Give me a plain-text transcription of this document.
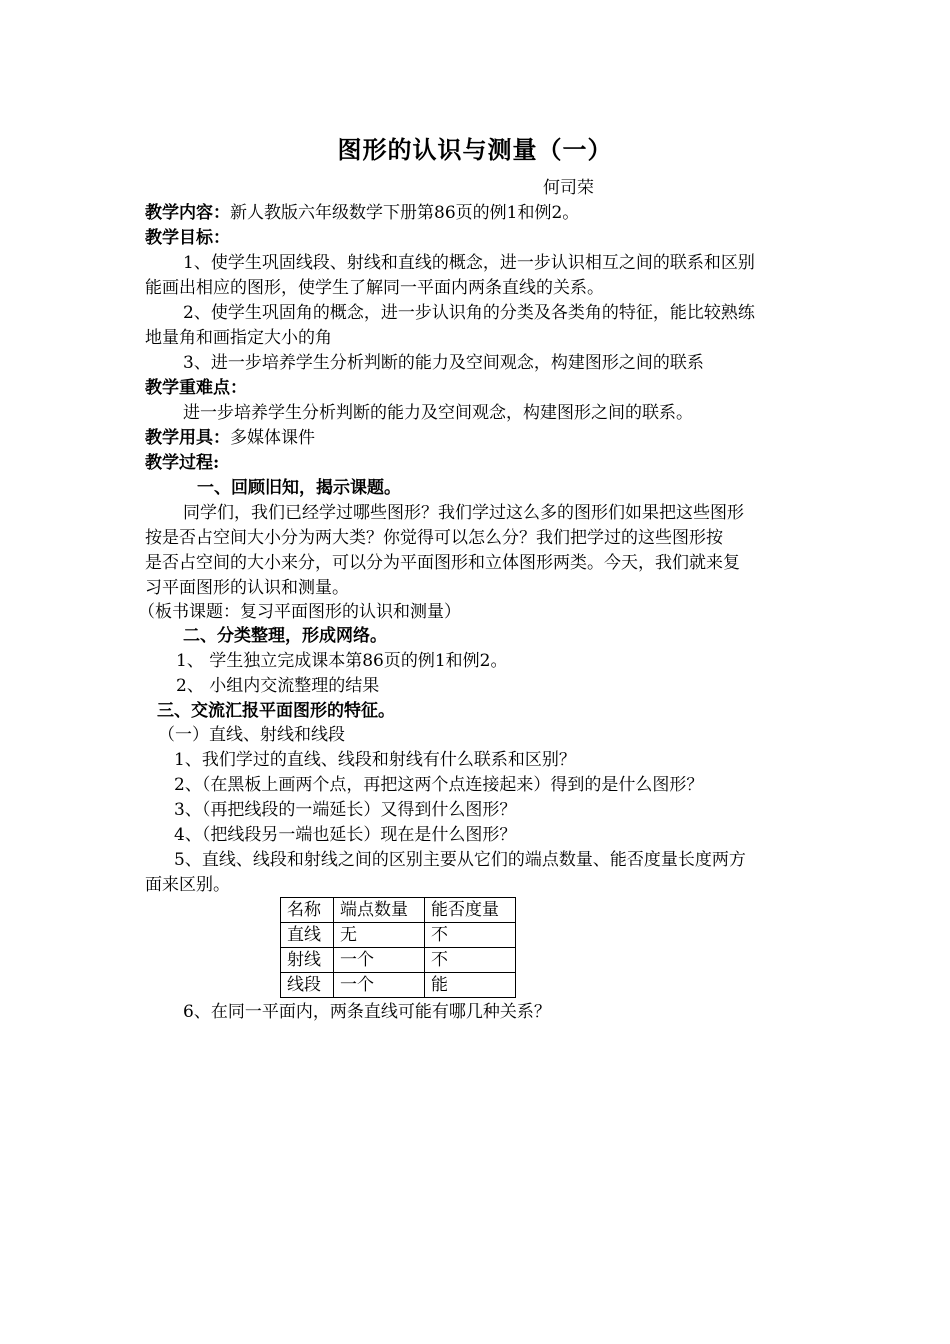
图形的认识与测量（一）
何司荣
教学内容：新人教版六年级数学下册第86页的例1和例2。
教学目标：
1、使学生巩固线段、射线和直线的概念，进一步认识相互之间的联系和区别
能画出相应的图形，使学生了解同一平面内两条直线的关系。
2、使学生巩固角的概念，进一步认识角的分类及各类角的特征，能比较熟练
地量角和画指定大小的角
3、进一步培养学生分析判断的能力及空间观念，构建图形之间的联系
教学重难点：
进一步培养学生分析判断的能力及空间观念，构建图形之间的联系。
教学用具：多媒体课件
教学过程:
一、回顾旧知，揭示课题。
同学们，我们已经学过哪些图形？我们学过这么多的图形们如果把这些图形
按是否占空间大小分为两大类？你觉得可以怎么分？我们把学过的这些图形按
是否占空间的大小来分，可以分为平面图形和立体图形两类。今天，我们就来复
习平面图形的认识和测量。
（板书课题：复习平面图形的认识和测量）
二、分类整理，形成网络。
1、 学生独立完成课本第86页的例1和例2。
2、 小组内交流整理的结果
三、交流汇报平面图形的特征。
（一）直线、射线和线段
1、我们学过的直线、线段和射线有什么联系和区别？
2、（在黑板上画两个点，再把这两个点连接起来）得到的是什么图形？
3、（再把线段的一端延长）又得到什么图形？
4、（把线段另一端也延长）现在是什么图形？
5、直线、线段和射线之间的区别主要从它们的端点数量、能否度量长度两方
面来区别。
名称	端点数量	能否度量
直线	无	不
射线	一个	不
线段	一个	能
6、在同一平面内，两条直线可能有哪几种关系？
